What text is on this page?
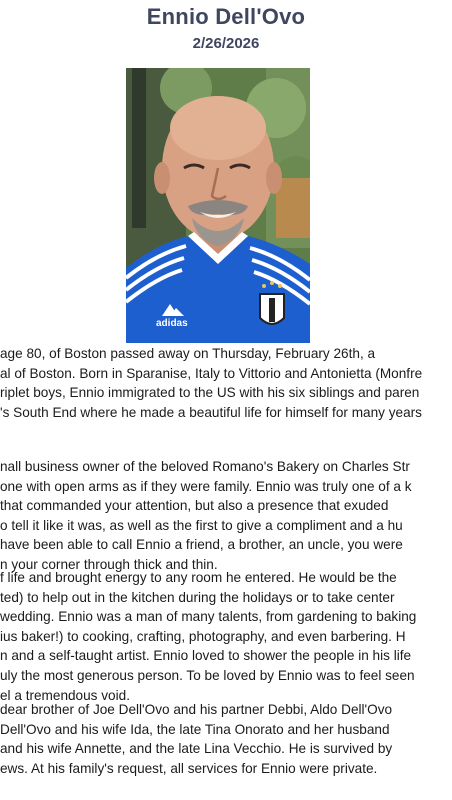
Ennio Dell'Ovo
2/26/2026
adidas
age 80, of Boston passed away on Thursday, February 26th, a
al of Boston. Born in Sparanise, Italy to Vittorio and Antonietta (Monfre
riplet boys, Ennio immigrated to the US with his six siblings and paren
's South End where he made a beautiful life for himself for many years
nall business owner of the beloved Romano's Bakery on Charles Str
one with open arms as if they were family. Ennio was truly one of a k
that commanded your attention, but also a presence that exuded
o tell it like it was, as well as the first to give a compliment and a hu
have been able to call Ennio a friend, a brother, an uncle, you were
n your corner through thick and thin.
f life and brought energy to any room he entered. He would be the
ted) to help out in the kitchen during the holidays or to take center
wedding. Ennio was a man of many talents, from gardening to baking
ius baker!) to cooking, crafting, photography, and even barbering. H
n and a self-taught artist. Ennio loved to shower the people in his life
uly the most generous person. To be loved by Ennio was to feel seen
el a tremendous void.
dear brother of Joe Dell'Ovo and his partner Debbi, Aldo Dell'Ovo
Dell'Ovo and his wife Ida, the late Tina Onorato and her husband
and his wife Annette, and the late Lina Vecchio. He is survived by
ews. At his family's request, all services for Ennio were private.
